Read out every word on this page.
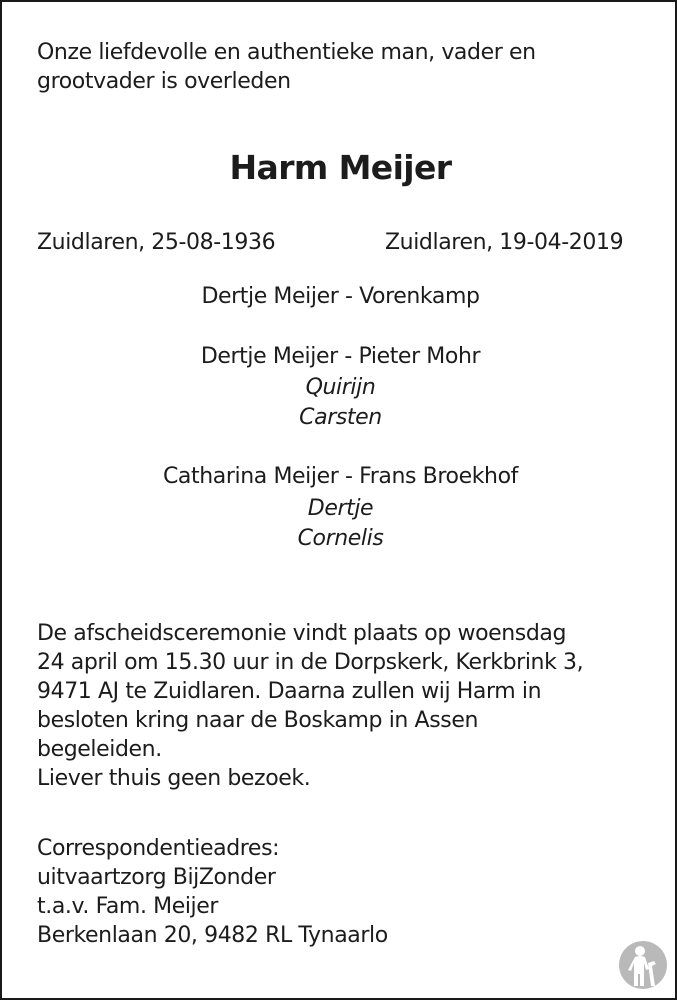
Onze liefdevolle en authentieke man, vader en
grootvader is overleden
Harm Meijer
Zuidlaren, 25-08-1936	Zuidlaren, 19-04-2019
Dertje Meijer - Vorenkamp
Dertje Meijer - Pieter Mohr
Quirijn
Carsten
Catharina Meijer - Frans Broekhof
Dertje
Cornelis
De afscheidsceremonie vindt plaats op woensdag
24 april om 15.30 uur in de Dorpskerk, Kerkbrink 3,
9471 AJ te Zuidlaren. Daarna zullen wij Harm in
besloten kring naar de Boskamp in Assen
begeleiden.
Liever thuis geen bezoek.
Correspondentieadres:
uitvaartzorg BijZonder
t.a.v. Fam. Meijer
Berkenlaan 20, 9482 RL Tynaarlo
